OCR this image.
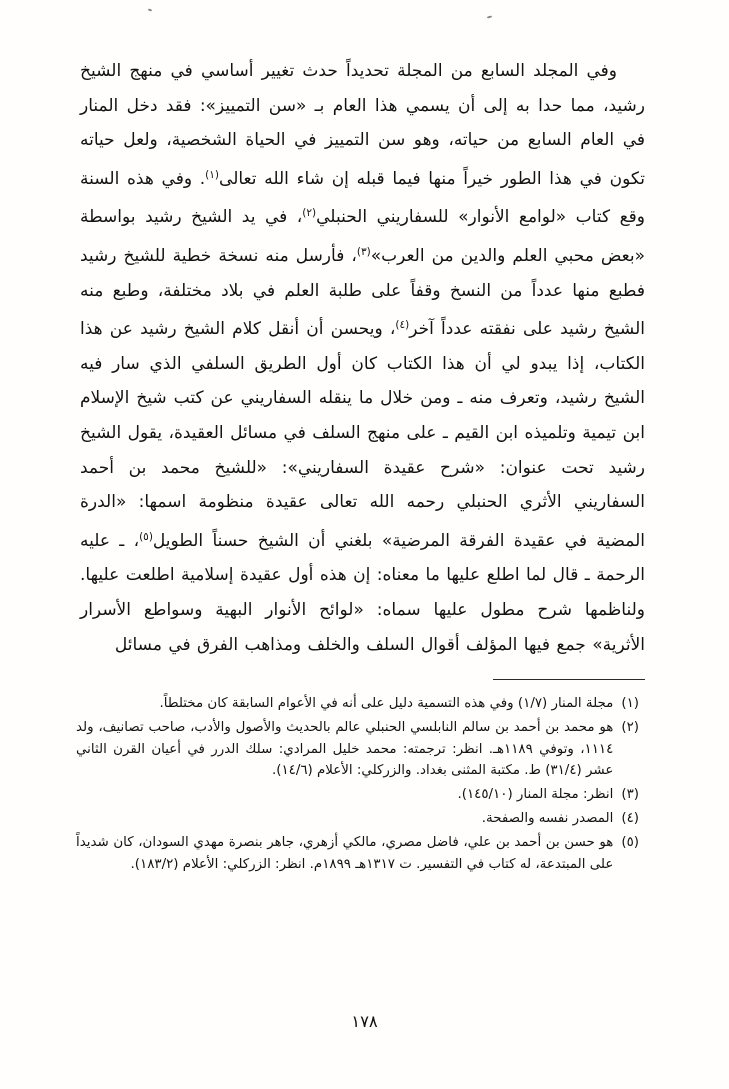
وفي المجلد السابع من المجلة تحديداً حدث تغيير أساسي في منهج الشيخ رشيد، مما حدا به إلى أن يسمي هذا العام بـ «سن التمييز»: فقد دخل المنار في العام السابع من حياته، وهو سن التمييز في الحياة الشخصية، ولعل حياته تكون في هذا الطور خيراً منها فيما قبله إن شاء الله تعالى$^{(١)}$. وفي هذه السنة وقع كتاب «لوامع الأنوار» للسفاريني الحنبلي$^{(٢)}$، في يد الشيخ رشيد بواسطة «بعض محبي العلم والدين من العرب»$^{(٣)}$، فأرسل منه نسخة خطية للشيخ رشيد فطبع منها عدداً من النسخ وقفاً على طلبة العلم في بلاد مختلفة، وطبع منه الشيخ رشيد على نفقته عدداً آخر$^{(٤)}$، ويحسن أن أنقل كلام الشيخ رشيد عن هذا الكتاب، إذا يبدو لي أن هذا الكتاب كان أول الطريق السلفي الذي سار فيه الشيخ رشيد، وتعرف منه ـ ومن خلال ما ينقله السفاريني عن كتب شيخ الإسلام ابن تيمية وتلميذه ابن القيم ـ على منهج السلف في مسائل العقيدة، يقول الشيخ رشيد تحت عنوان: «شرح عقيدة السفاريني»: «للشيخ محمد بن أحمد السفاريني الأثري الحنبلي رحمه الله تعالى عقيدة منظومة اسمها: «الدرة المضية في عقيدة الفرقة المرضية» بلغني أن الشيخ حسناً الطويل$^{(٥)}$، ـ عليه الرحمة ـ قال لما اطلع عليها ما معناه: إن هذه أول عقيدة إسلامية اطلعت عليها. ولناظمها شرح مطول عليها سماه: «لوائح الأنوار البهية وسواطع الأسرار الأثرية» جمع فيها المؤلف أقوال السلف والخلف ومذاهب الفرق في مسائل

(١)
مجلة المنار (١/٧) وفي هذه التسمية دليل على أنه في الأعوام السابقة كان مختلطاً.
(٢)
هو محمد بن أحمد بن سالم النابلسي الحنبلي عالم بالحديث والأصول والأدب، صاحب تصانيف، ولد ١١١٤، وتوفي ١١٨٩هـ. انظر: ترجمته: محمد خليل المرادي: سلك الدرر في أعيان القرن الثاني عشر (٣١/٤) ط. مكتبة المثنى بغداد. والزركلي: الأعلام (١٤/٦).
(٣)
انظر: مجلة المنار (١٤٥/١٠).
(٤)
المصدر نفسه والصفحة.
(٥)
هو حسن بن أحمد بن علي، فاضل مصري، مالكي أزهري، جاهر بنصرة مهدي السودان، كان شديداً على المبتدعة، له كتاب في التفسير. ت ١٣١٧هـ ١٨٩٩م. انظر: الزركلي: الأعلام (١٨٣/٢).
١٧٨
